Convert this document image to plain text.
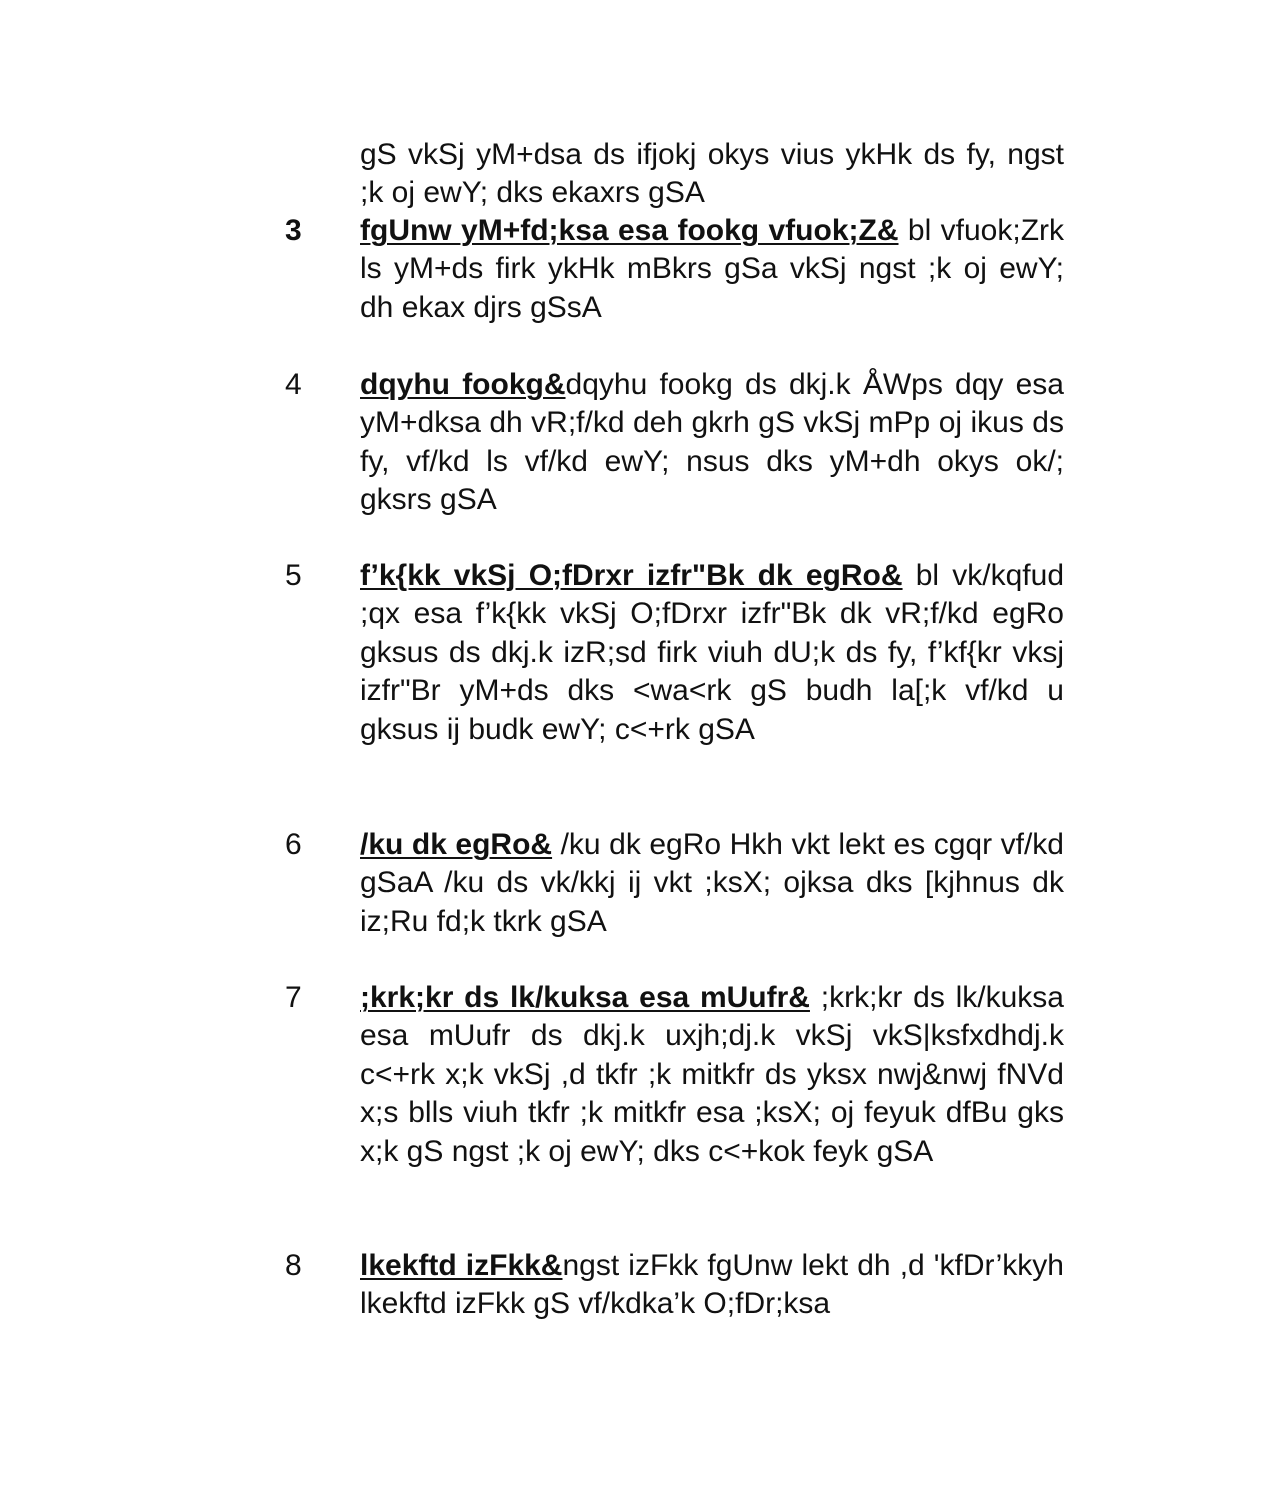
gS vkSj yM+dsa ds ifjokj okys vius ykHk ds fy, ngst ;k oj ewY; dks ekaxrs gSA

3 fgUnw yM+fd;ksa esa fookg vfuok;Z& bl vfuok;Zrk ls yM+ds firk ykHk mBkrs gSa vkSj ngst ;k oj ewY; dh ekax djrs gSsA

4 dqyhu fookg&dqyhu fookg ds dkj.k ÅWps dqy esa yM+dksa dh vR;f/kd deh gkrh gS vkSj mPp oj ikus ds fy, vf/kd ls vf/kd ewY; nsus dks yM+dh okys ok/; gksrs gSA

5 f’k{kk vkSj O;fDrxr izfr"Bk dk egRo& bl vk/kqfud ;qx esa f’k{kk vkSj O;fDrxr izfr"Bk dk vR;f/kd egRo gksus ds dkj.k izR;sd firk viuh dU;k ds fy, f’kf{kr vksj izfr"Br yM+ds dks <wa<rk gS budh la[;k vf/kd u gksus ij budk ewY; c<+rk gSA

6 /ku dk egRo& /ku dk egRo Hkh vkt lekt es cgqr vf/kd gSaA /ku ds vk/kkj ij vkt ;ksX; ojksa dks [kjhnus dk iz;Ru fd;k tkrk gSA

7 ;krk;kr ds lk/kuksa esa mUufr& ;krk;kr ds lk/kuksa esa mUufr ds dkj.k uxjh;dj.k vkSj vkS|ksfxdhdj.k c<+rk x;k vkSj ,d tkfr ;k mitkfr ds yksx nwj&nwj fNVd x;s blls viuh tkfr ;k mitkfr esa ;ksX; oj feyuk dfBu gks x;k gS ngst ;k oj ewY; dks c<+kok feyk gSA

8 lkekftd izFkk&ngst izFkk fgUnw lekt dh ,d 'kfDr’kkyh lkekftd izFkk gS vf/kdka’k O;fDr;ksa
